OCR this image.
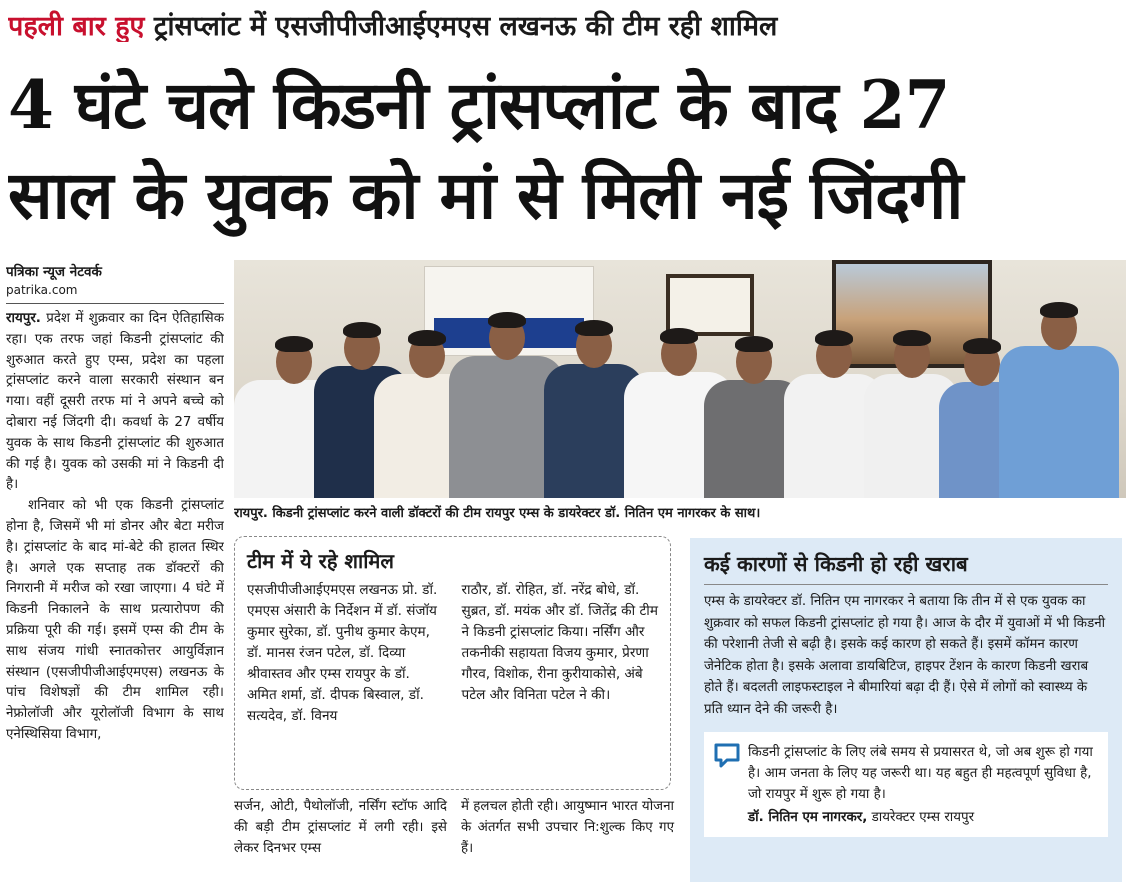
पहली बार हुए ट्रांसप्लांट में एसजीपीजीआईएमएस लखनऊ की टीम रही शामिल
4 घंटे चले किडनी ट्रांसप्लांट के बाद 27
साल के युवक को मां से मिली नई जिंदगी
पत्रिका न्यूज नेटवर्क
patrika.com

रायपुर. प्रदेश में शुक्रवार का दिन ऐतिहासिक रहा। एक तरफ जहां किडनी ट्रांसप्लांट की शुरुआत करते हुए एम्स, प्रदेश का पहला ट्रांसप्लांट करने वाला सरकारी संस्थान बन गया। वहीं दूसरी तरफ मां ने अपने बच्चे को दोबारा नई जिंदगी दी। कवर्धा के 27 वर्षीय युवक के साथ किडनी ट्रांसप्लांट की शुरुआत की गई है। युवक को उसकी मां ने किडनी दी है।

शनिवार को भी एक किडनी ट्रांसप्लांट होना है, जिसमें भी मां डोनर और बेटा मरीज है। ट्रांसप्लांट के बाद मां-बेटे की हालत स्थिर है। अगले एक सप्ताह तक डॉक्टरों की निगरानी में मरीज को रखा जाएगा। 4 घंटे में किडनी निकालने के साथ प्रत्यारोपण की प्रक्रिया पूरी की गई। इसमें एम्स की टीम के साथ संजय गांधी स्नातकोत्तर आयुर्विज्ञान संस्थान (एसजीपीजीआईएमएस) लखनऊ के पांच विशेषज्ञों की टीम शामिल रही। नेफ्रोलॉजी और यूरोलॉजी विभाग के साथ एनेस्थिसिया विभाग,

रायपुर. किडनी ट्रांसप्लांट करने वाली डॉक्टरों की टीम रायपुर एम्स के डायरेक्टर डॉ. नितिन एम नागरकर के साथ।
टीम में ये रहे शामिल
एसजीपीजीआईएमएस लखनऊ प्रो. डॉ. एमएस अंसारी के निर्देशन में डॉ. संजॉय कुमार सुरेका, डॉ. पुनीथ कुमार केएम, डॉ. मानस रंजन पटेल, डॉ. दिव्या श्रीवास्तव और एम्स रायपुर के डॉ. अमित शर्मा, डॉ. दीपक बिस्वाल, डॉ. सत्यदेव, डॉ. विनय
राठौर, डॉ. रोहित, डॉ. नरेंद्र बोधे, डॉ. सुब्रत, डॉ. मयंक और डॉ. जितेंद्र की टीम ने किडनी ट्रांसप्लांट किया। नर्सिंग और तकनीकी सहायता विजय कुमार, प्रेरणा गौरव, विशोक, रीना कुरीयाकोसे, अंबे पटेल और विनिता पटेल ने की।
सर्जन, ओटी, पैथोलॉजी, नर्सिंग स्टॉफ आदि की बड़ी टीम ट्रांसप्लांट में लगी रही। इसे लेकर दिनभर एम्स
में हलचल होती रही। आयुष्मान भारत योजना के अंतर्गत सभी उपचार नि:शुल्क किए गए हैं।
कई कारणों से किडनी हो रही खराब
एम्स के डायरेक्टर डॉ. नितिन एम नागरकर ने बताया कि तीन में से एक युवक का शुक्रवार को सफल किडनी ट्रांसप्लांट हो गया है। आज के दौर में युवाओं में भी किडनी की परेशानी तेजी से बढ़ी है। इसके कई कारण हो सकते हैं। इसमें कॉमन कारण जेनेटिक होता है। इसके अलावा डायबिटिज, हाइपर टेंशन के कारण किडनी खराब होते हैं। बदलती लाइफस्टाइल ने बीमारियां बढ़ा दी हैं। ऐसे में लोगों को स्वास्थ्य के प्रति ध्यान देने की जरूरी है।
किडनी ट्रांसप्लांट के लिए लंबे समय से प्रयासरत थे, जो अब शुरू हो गया है। आम जनता के लिए यह जरूरी था। यह बहुत ही महत्वपूर्ण सुविधा है, जो रायपुर में शुरू हो गया है।
डॉ. नितिन एम नागरकर, डायरेक्टर एम्स रायपुर
